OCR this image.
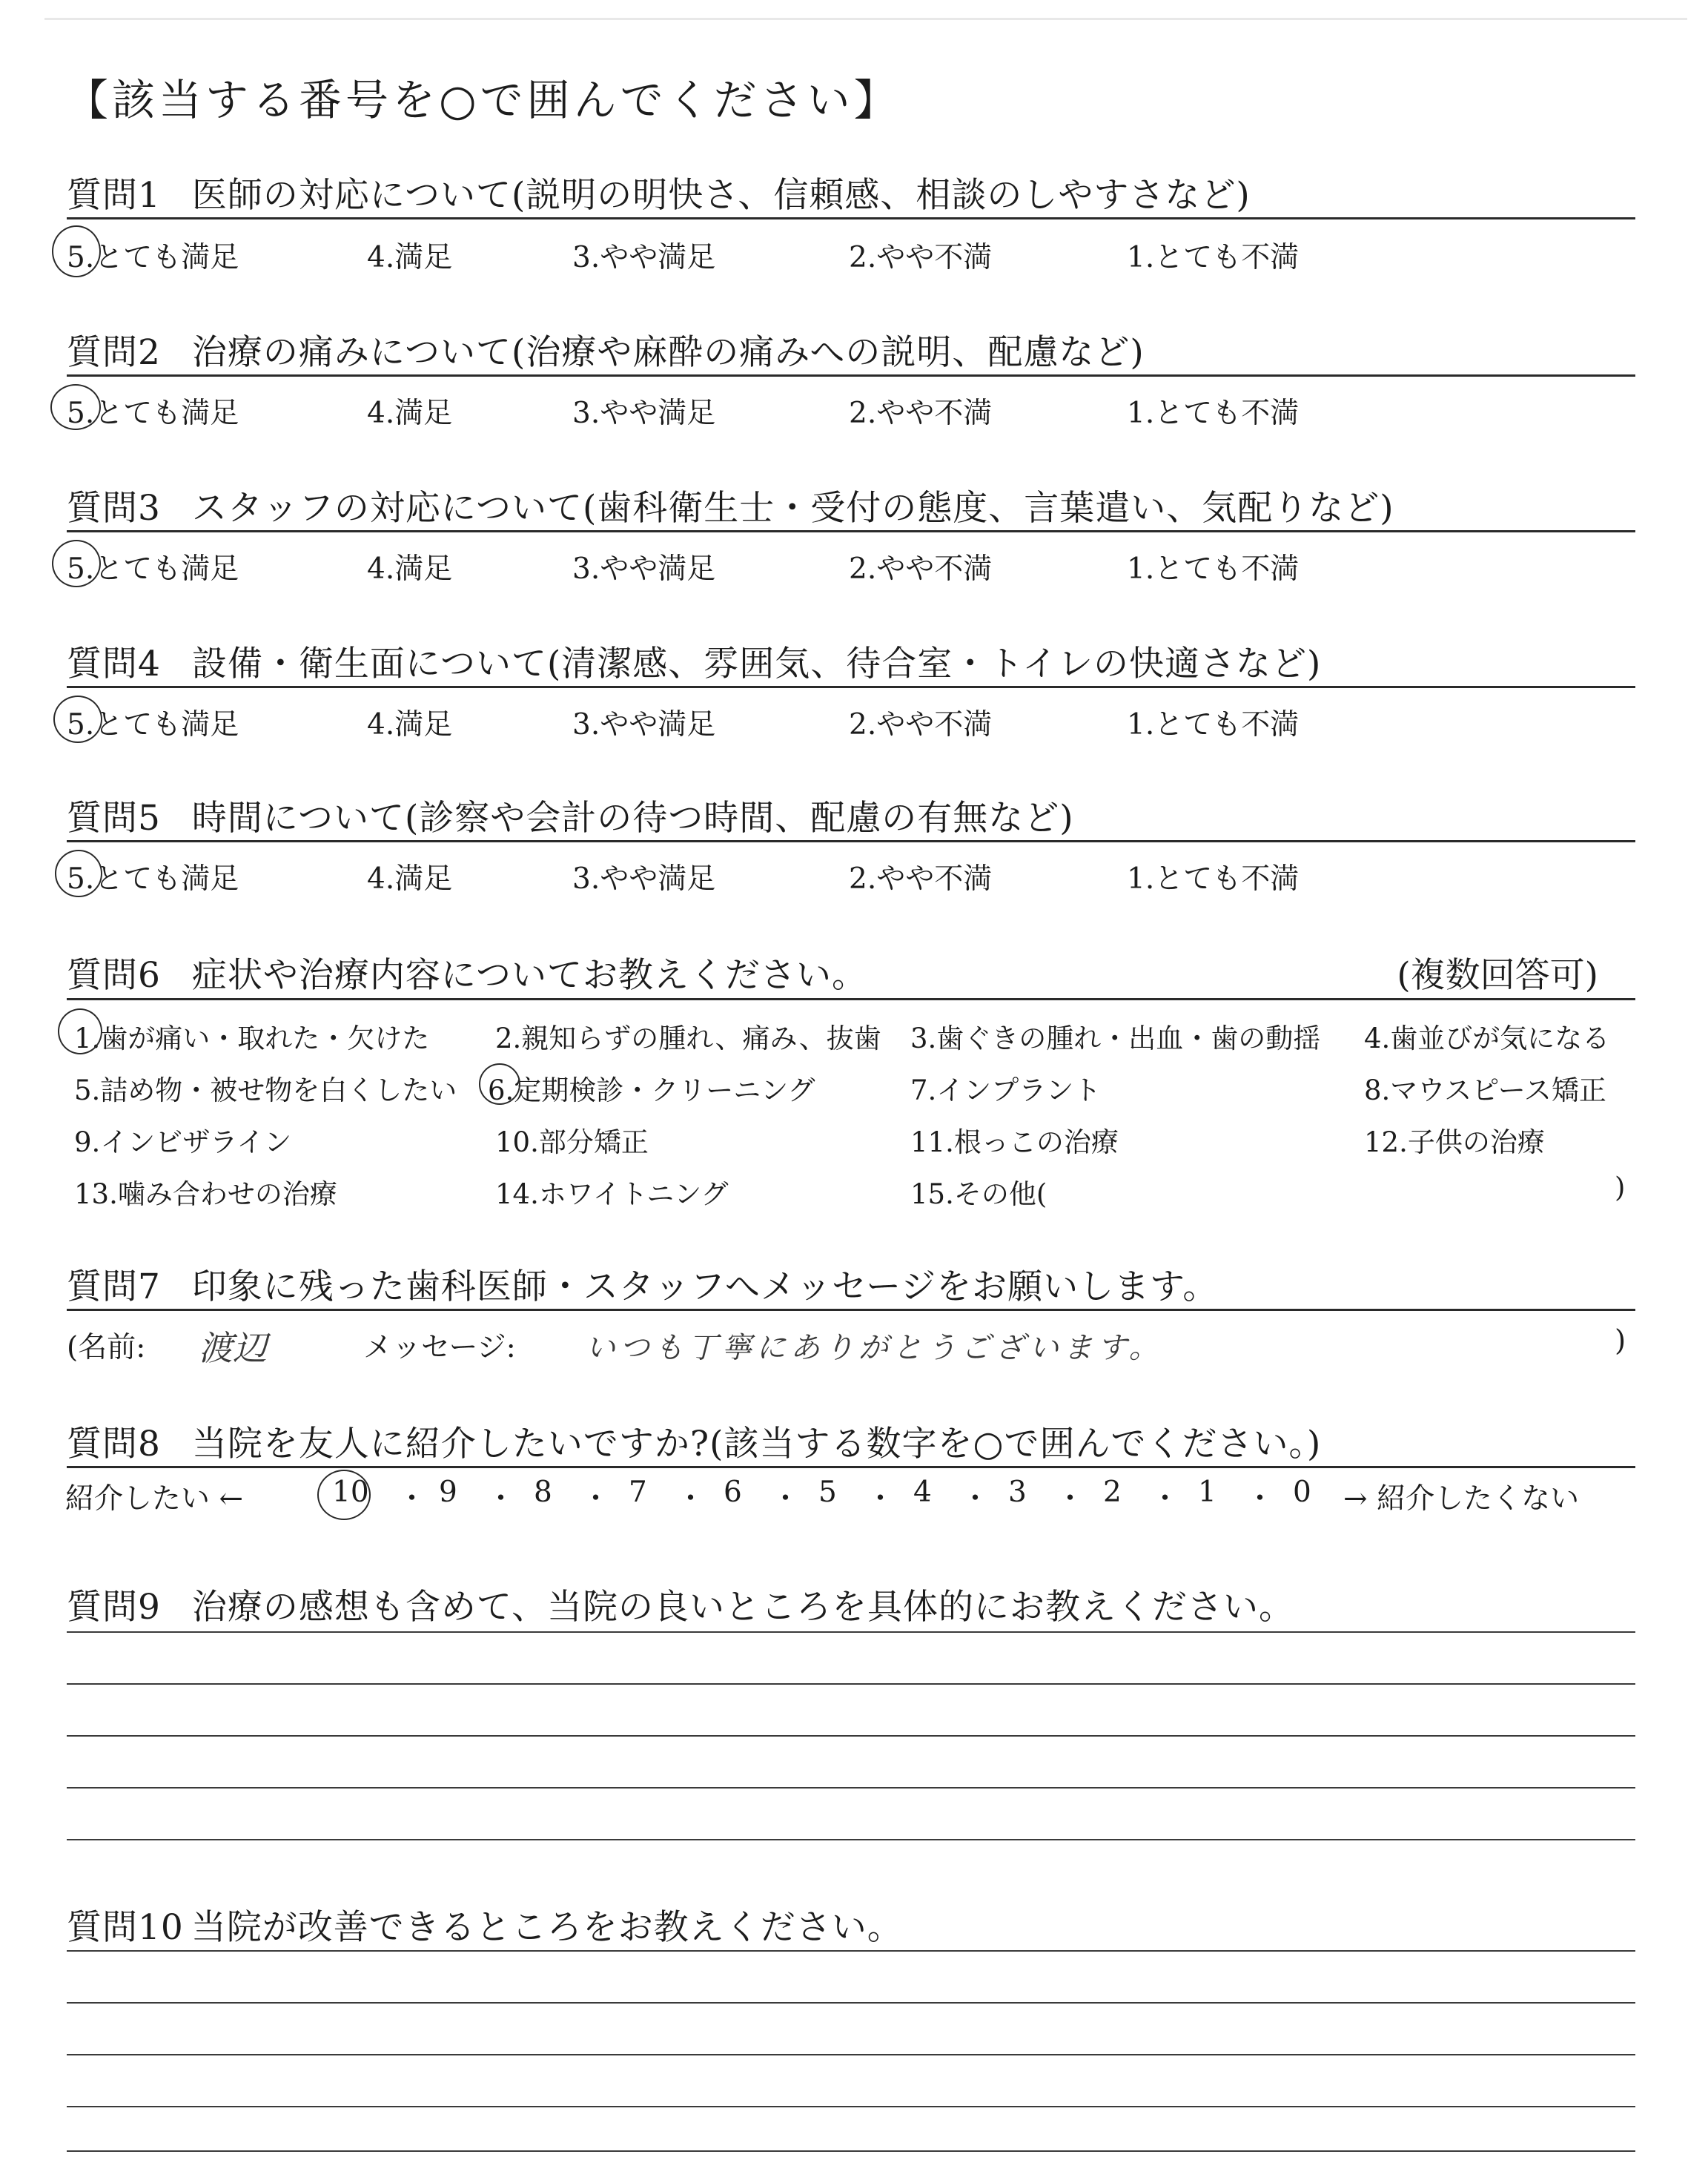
【該当する番号を○で囲んでください】
質問1 医師の対応について(説明の明快さ、信頼感、相談のしやすさなど)
5.とても満足	4.満足	3.やや満足	2.やや不満	1.とても不満
質問2 治療の痛みについて(治療や麻酔の痛みへの説明、配慮など)
5.とても満足	4.満足	3.やや満足	2.やや不満	1.とても不満
質問3 スタッフの対応について(歯科衛生士・受付の態度、言葉遣い、気配りなど)
5.とても満足	4.満足	3.やや満足	2.やや不満	1.とても不満
質問4 設備・衛生面について(清潔感、雰囲気、待合室・トイレの快適さなど)
5.とても満足	4.満足	3.やや満足	2.やや不満	1.とても不満
質問5 時間について(診察や会計の待つ時間、配慮の有無など)
5.とても満足	4.満足	3.やや満足	2.やや不満	1.とても不満
質問6 症状や治療内容についてお教えください。	(複数回答可)
1.歯が痛い・取れた・欠けた 2.親知らずの腫れ、痛み、抜歯 3.歯ぐきの腫れ・出血・歯の動揺 4.歯並びが気になる
5.詰め物・被せ物を白くしたい 6.定期検診・クリーニング	7.インプラント	8.マウスピース矯正
9.インビザライン	10.部分矯正	11.根っこの治療	12.子供の治療
13.噛み合わせの治療	14.ホワイトニング	15.その他(	)
質問7 印象に残った歯科医師・スタッフへメッセージをお願いします。
(名前: 渡辺	メッセージ: いつも丁寧にありがとうございます。	)
質問8 当院を友人に紹介したいですか?(該当する数字を○で囲んでください。)
紹介したい ←	10 ・ 9 ・ 8 ・ 7 ・ 6 ・ 5 ・ 4 ・ 3 ・ 2 ・ 1 ・ 0 → 紹介したくない
質問9 治療の感想も含めて、当院の良いところを具体的にお教えください。
質問10 当院が改善できるところをお教えください。
